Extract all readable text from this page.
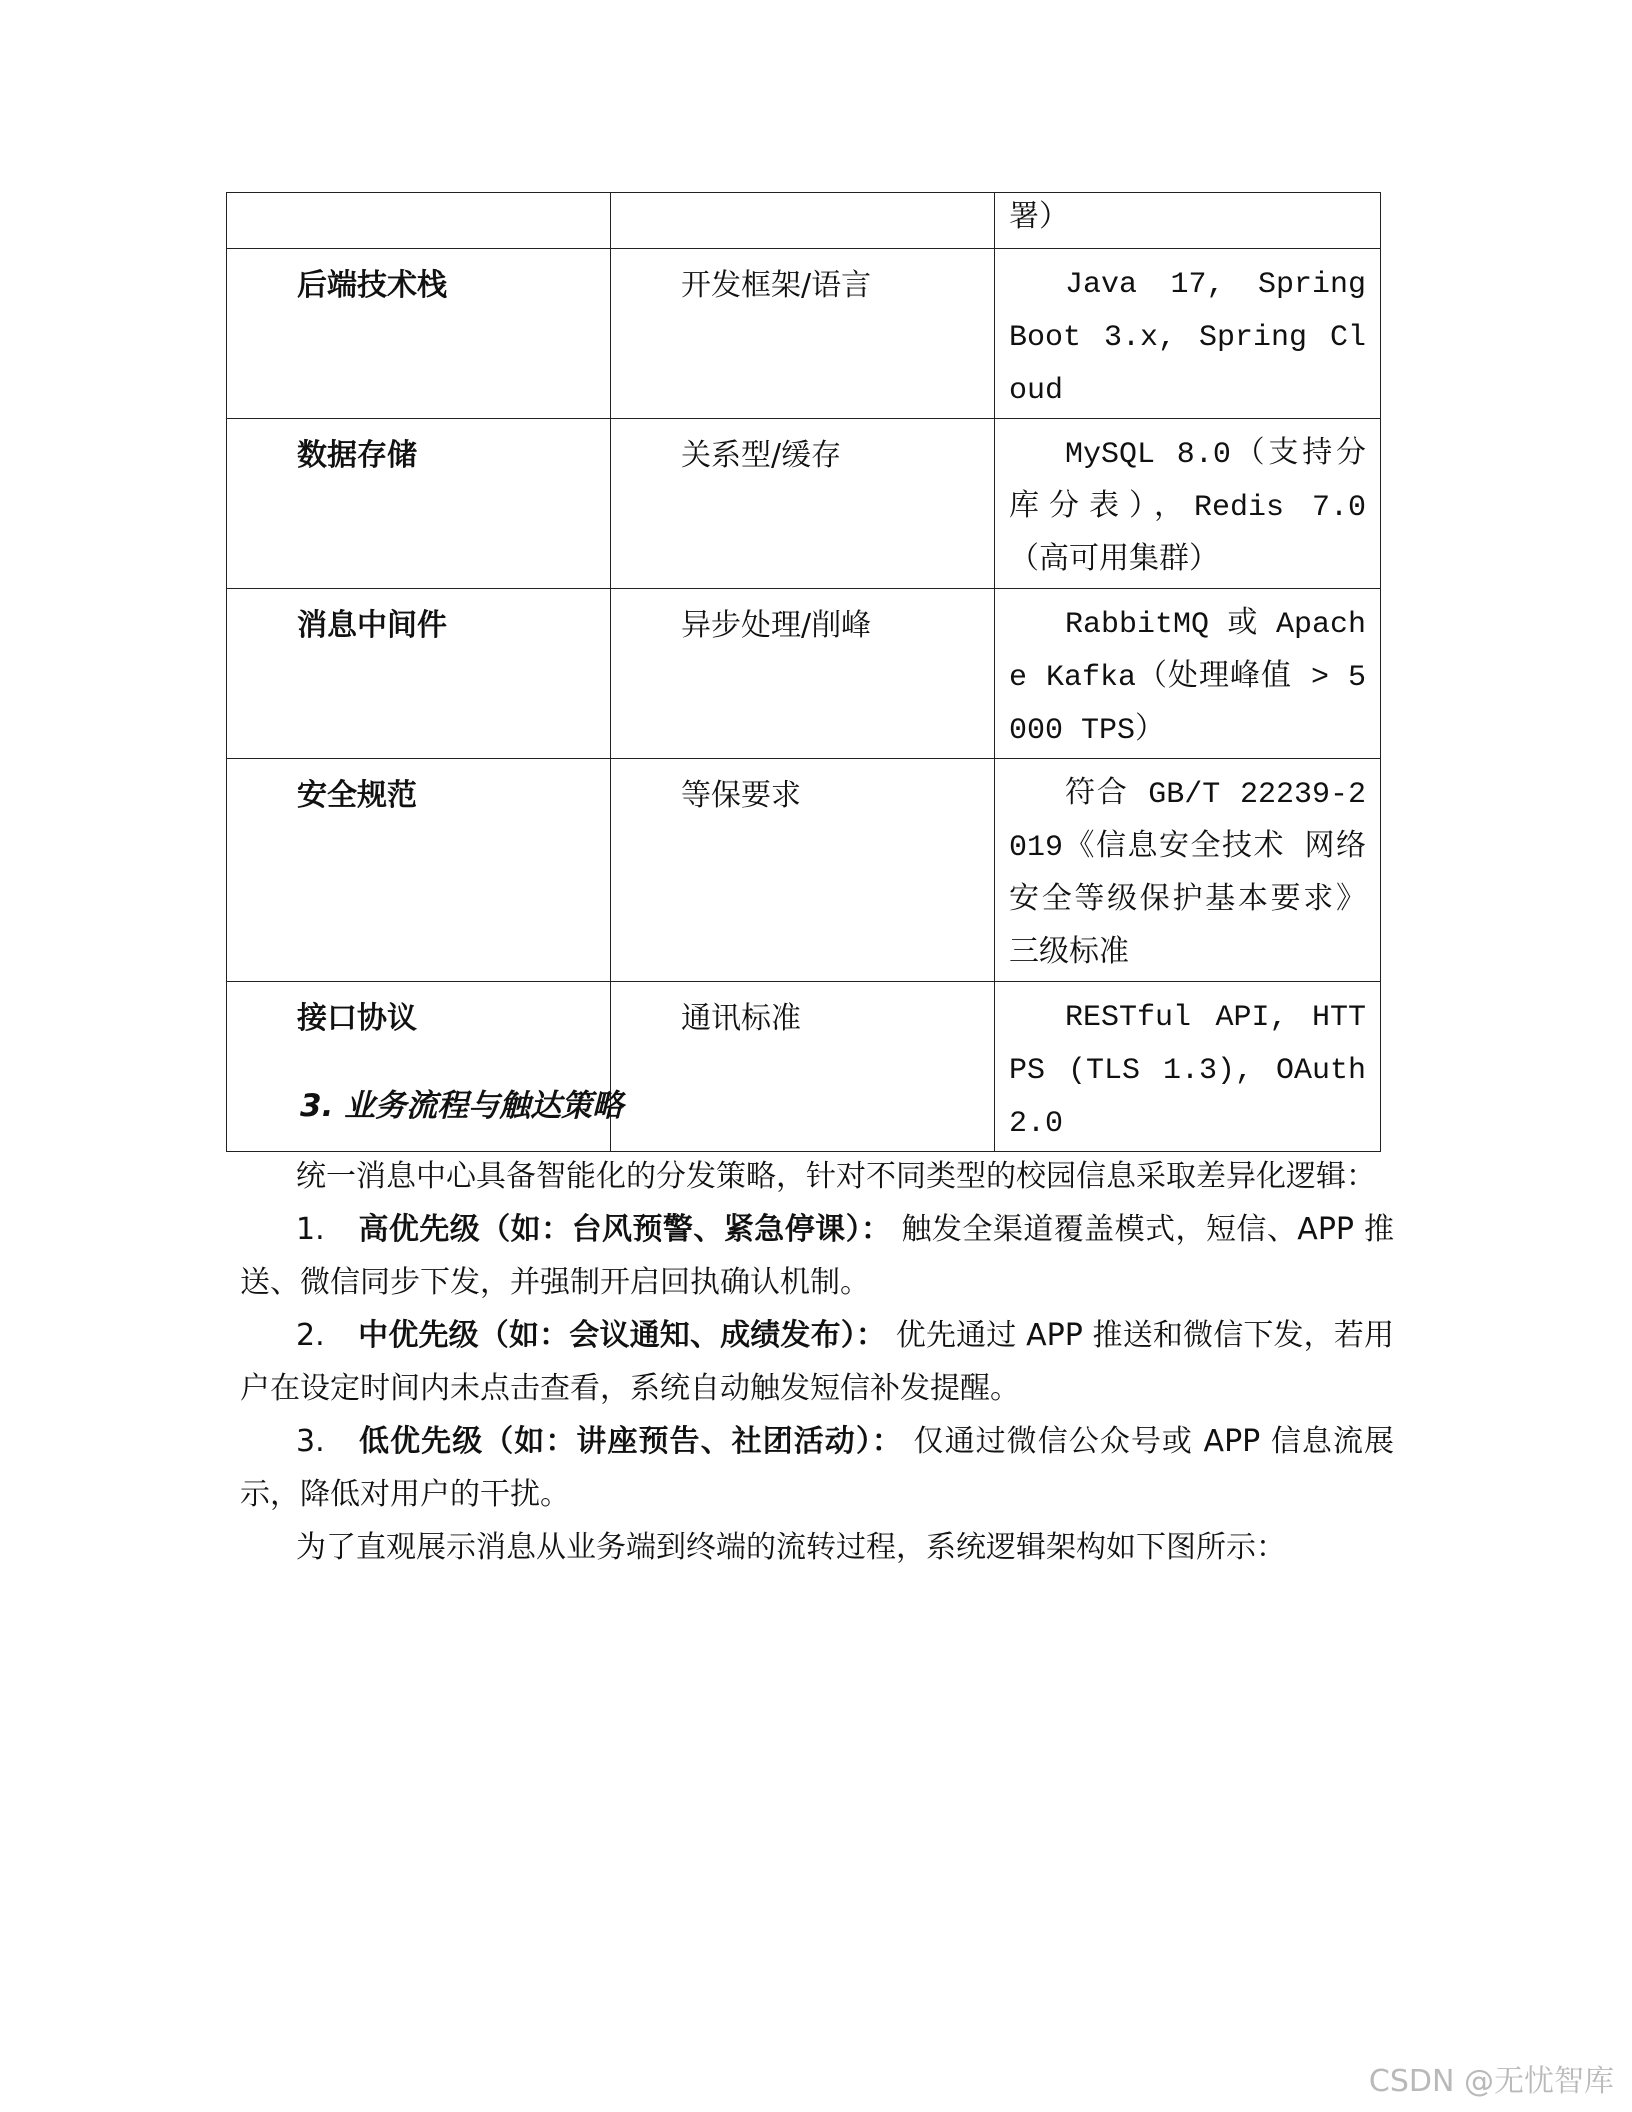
		署）
后端技术栈	开发框架/语言	Java 17, Spring Boot 3.x, Spring Cloud
数据存储	关系型/缓存	MySQL 8.0（支持分库分表），Redis 7.0（高可用集群）
消息中间件	异步处理/削峰	RabbitMQ 或 Apache Kafka（处理峰值 > 5000 TPS）
安全规范	等保要求	符合 GB/T 22239-2019《信息安全技术 网络安全等级保护基本要求》三级标准
接口协议	通讯标准	RESTful API, HTTPS (TLS 1.3), OAuth 2.0
3. 业务流程与触达策略

统一消息中心具备智能化的分发策略，针对不同类型的校园信息采取差异化逻辑：

1. 高优先级（如：台风预警、紧急停课）： 触发全渠道覆盖模式，短信、APP 推送、微信同步下发，并强制开启回执确认机制。

2. 中优先级（如：会议通知、成绩发布）： 优先通过 APP 推送和微信下发，若用户在设定时间内未点击查看，系统自动触发短信补发提醒。

3. 低优先级（如：讲座预告、社团活动）： 仅通过微信公众号或 APP 信息流展示，降低对用户的干扰。

为了直观展示消息从业务端到终端的流转过程，系统逻辑架构如下图所示：

CSDN @无忧智库
